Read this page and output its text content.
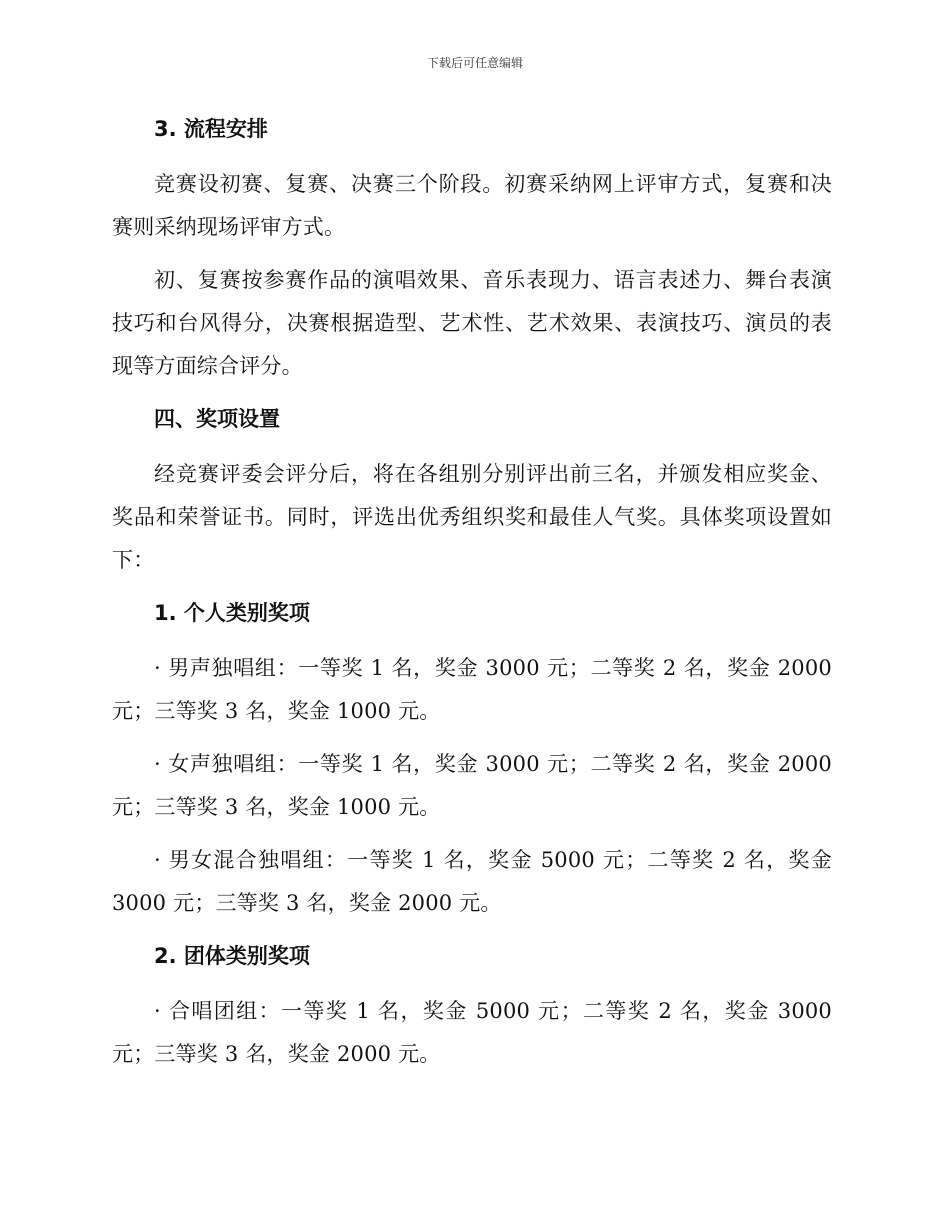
下载后可任意编辑
3. 流程安排

竞赛设初赛、复赛、决赛三个阶段。初赛采纳网上评审方式，复赛和决赛则采纳现场评审方式。

初、复赛按参赛作品的演唱效果、音乐表现力、语言表述力、舞台表演技巧和台风得分，决赛根据造型、艺术性、艺术效果、表演技巧、演员的表现等方面综合评分。

四、奖项设置

经竞赛评委会评分后，将在各组别分别评出前三名，并颁发相应奖金、奖品和荣誉证书。同时，评选出优秀组织奖和最佳人气奖。具体奖项设置如下：

1. 个人类别奖项

· 男声独唱组：一等奖 1 名，奖金 3000 元；二等奖 2 名，奖金 2000 元；三等奖 3 名，奖金 1000 元。

· 女声独唱组：一等奖 1 名，奖金 3000 元；二等奖 2 名，奖金 2000 元；三等奖 3 名，奖金 1000 元。

· 男女混合独唱组：一等奖 1 名，奖金 5000 元；二等奖 2 名，奖金 3000 元；三等奖 3 名，奖金 2000 元。

2. 团体类别奖项

· 合唱团组：一等奖 1 名，奖金 5000 元；二等奖 2 名，奖金 3000 元；三等奖 3 名，奖金 2000 元。
